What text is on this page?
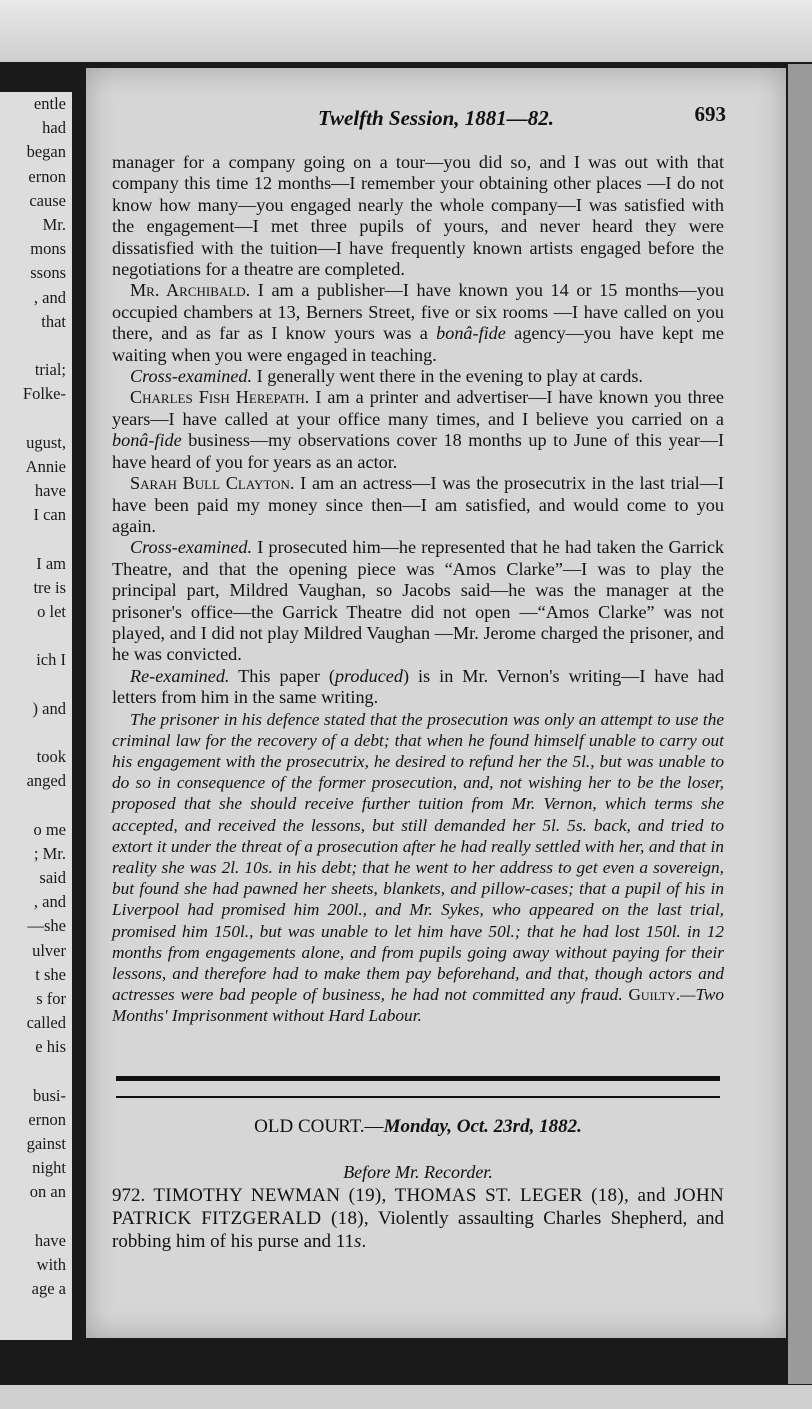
entle
had
began
ernon
cause
Mr.
mons
ssons
, and
that
trial;
Folke-
ugust,
Annie
have
I can
I am
tre is
o let
ich I
) and
took
anged
o me
; Mr.
said
, and
—she
ulver
t she
s for
called
e his
busi-
ernon
gainst
night
on an
have
with
age a
Twelfth Session, 1881—82.	693

manager for a company going on a tour—you did so, and I was out with that company this time 12 months—I remember your obtaining other places —I do not know how many—you engaged nearly the whole company—I was satisfied with the engagement—I met three pupils of yours, and never heard they were dissatisfied with the tuition—I have frequently known artists engaged before the negotiations for a theatre are completed.

Mr. Archibald. I am a publisher—I have known you 14 or 15 months—you occupied chambers at 13, Berners Street, five or six rooms —I have called on you there, and as far as I know yours was a bonâ-fide agency—you have kept me waiting when you were engaged in teaching.

Cross-examined. I generally went there in the evening to play at cards.

Charles Fish Herepath. I am a printer and advertiser—I have known you three years—I have called at your office many times, and I believe you carried on a bonâ-fide business—my observations cover 18 months up to June of this year—I have heard of you for years as an actor.

Sarah Bull Clayton. I am an actress—I was the prosecutrix in the last trial—I have been paid my money since then—I am satisfied, and would come to you again.

Cross-examined. I prosecuted him—he represented that he had taken the Garrick Theatre, and that the opening piece was “Amos Clarke”—I was to play the principal part, Mildred Vaughan, so Jacobs said—he was the manager at the prisoner's office—the Garrick Theatre did not open —“Amos Clarke” was not played, and I did not play Mildred Vaughan —Mr. Jerome charged the prisoner, and he was convicted.

Re-examined. This paper (produced) is in Mr. Vernon's writing—I have had letters from him in the same writing.

The prisoner in his defence stated that the prosecution was only an attempt to use the criminal law for the recovery of a debt; that when he found himself unable to carry out his engagement with the prosecutrix, he desired to refund her the 5l., but was unable to do so in consequence of the former prosecution, and, not wishing her to be the loser, proposed that she should receive further tuition from Mr. Vernon, which terms she accepted, and received the lessons, but still demanded her 5l. 5s. back, and tried to extort it under the threat of a prosecution after he had really settled with her, and that in reality she was 2l. 10s. in his debt; that he went to her address to get even a sovereign, but found she had pawned her sheets, blankets, and pillow-cases; that a pupil of his in Liverpool had promised him 200l., and Mr. Sykes, who appeared on the last trial, promised him 150l., but was unable to let him have 50l.; that he had lost 150l. in 12 months from engagements alone, and from pupils going away without paying for their lessons, and therefore had to make them pay beforehand, and that, though actors and actresses were bad people of business, he had not committed any fraud. Guilty.—Two Months' Imprisonment without Hard Labour.

OLD COURT.—Monday, Oct. 23rd, 1882.
Before Mr. Recorder.
972. TIMOTHY NEWMAN (19), THOMAS ST. LEGER (18), and JOHN PATRICK FITZGERALD (18), Violently assaulting Charles Shepherd, and robbing him of his purse and 11s.
